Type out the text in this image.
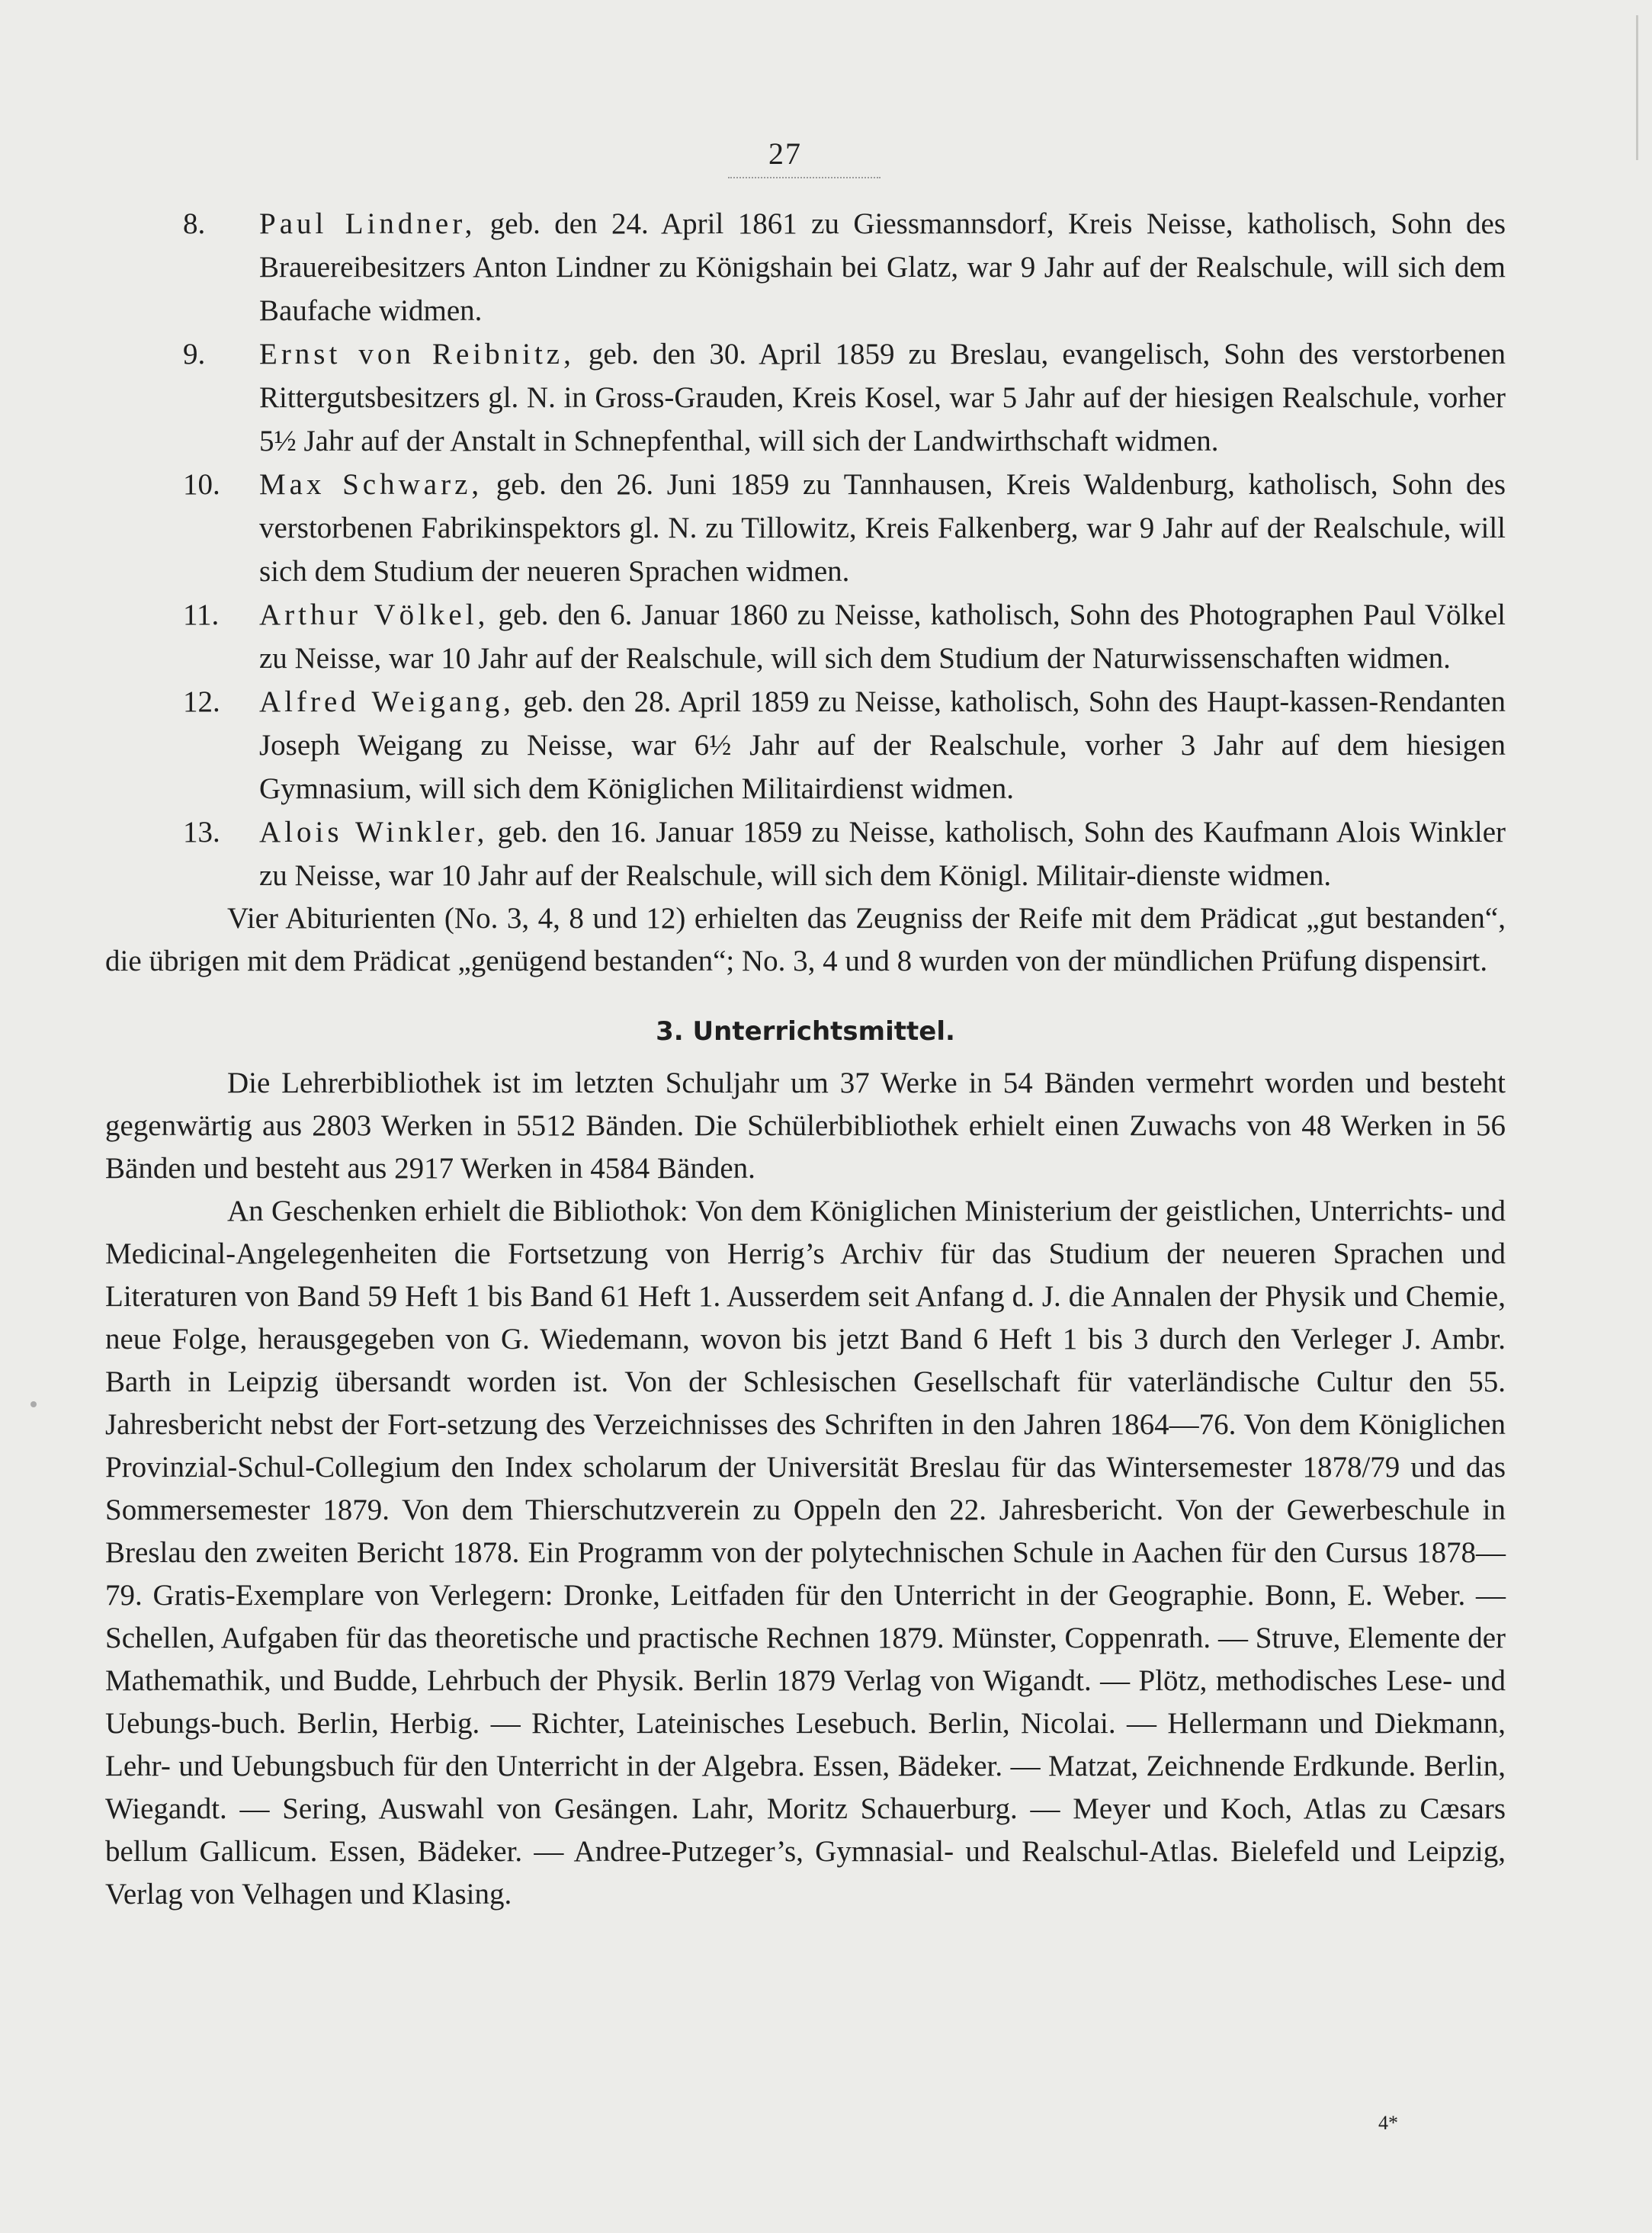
27
8.	Paul Lindner, geb. den 24. April 1861 zu Giessmannsdorf, Kreis Neisse, katholisch, Sohn des Brauereibesitzers Anton Lindner zu Königshain bei Glatz, war 9 Jahr auf der Realschule, will sich dem Baufache widmen.
9.	Ernst von Reibnitz, geb. den 30. April 1859 zu Breslau, evangelisch, Sohn des verstorbenen Rittergutsbesitzers gl. N. in Gross-Grauden, Kreis Kosel, war 5 Jahr auf der hiesigen Realschule, vorher 5½ Jahr auf der Anstalt in Schnepfenthal, will sich der Landwirthschaft widmen.
10.	Max Schwarz, geb. den 26. Juni 1859 zu Tannhausen, Kreis Waldenburg, katholisch, Sohn des verstorbenen Fabrikinspektors gl. N. zu Tillowitz, Kreis Falkenberg, war 9 Jahr auf der Realschule, will sich dem Studium der neueren Sprachen widmen.
11.	Arthur Völkel, geb. den 6. Januar 1860 zu Neisse, katholisch, Sohn des Photographen Paul Völkel zu Neisse, war 10 Jahr auf der Realschule, will sich dem Studium der Naturwissenschaften widmen.
12.	Alfred Weigang, geb. den 28. April 1859 zu Neisse, katholisch, Sohn des Haupt-kassen-Rendanten Joseph Weigang zu Neisse, war 6½ Jahr auf der Realschule, vorher 3 Jahr auf dem hiesigen Gymnasium, will sich dem Königlichen Militairdienst widmen.
13.	Alois Winkler, geb. den 16. Januar 1859 zu Neisse, katholisch, Sohn des Kaufmann Alois Winkler zu Neisse, war 10 Jahr auf der Realschule, will sich dem Königl. Militair-dienste widmen.
Vier Abiturienten (No. 3, 4, 8 und 12) erhielten das Zeugniss der Reife mit dem Prädicat „gut bestanden“, die übrigen mit dem Prädicat „genügend bestanden“; No. 3, 4 und 8 wurden von der mündlichen Prüfung dispensirt.
3. Unterrichtsmittel.
Die Lehrerbibliothek ist im letzten Schuljahr um 37 Werke in 54 Bänden vermehrt worden und besteht gegenwärtig aus 2803 Werken in 5512 Bänden. Die Schülerbibliothek erhielt einen Zuwachs von 48 Werken in 56 Bänden und besteht aus 2917 Werken in 4584 Bänden.
An Geschenken erhielt die Bibliothok: Von dem Königlichen Ministerium der geistlichen, Unterrichts- und Medicinal-Angelegenheiten die Fortsetzung von Herrig’s Archiv für das Studium der neueren Sprachen und Literaturen von Band 59 Heft 1 bis Band 61 Heft 1. Ausserdem seit Anfang d. J. die Annalen der Physik und Chemie, neue Folge, herausgegeben von G. Wiedemann, wovon bis jetzt Band 6 Heft 1 bis 3 durch den Verleger J. Ambr. Barth in Leipzig übersandt worden ist. Von der Schlesischen Gesellschaft für vaterländische Cultur den 55. Jahresbericht nebst der Fort-setzung des Verzeichnisses des Schriften in den Jahren 1864—76. Von dem Königlichen Provinzial-Schul-Collegium den Index scholarum der Universität Breslau für das Wintersemester 1878/79 und das Sommersemester 1879. Von dem Thierschutzverein zu Oppeln den 22. Jahresbericht. Von der Gewerbeschule in Breslau den zweiten Bericht 1878. Ein Programm von der polytechnischen Schule in Aachen für den Cursus 1878—79. Gratis-Exemplare von Verlegern: Dronke, Leitfaden für den Unterricht in der Geographie. Bonn, E. Weber. — Schellen, Aufgaben für das theoretische und practische Rechnen 1879. Münster, Coppenrath. — Struve, Elemente der Mathemathik, und Budde, Lehrbuch der Physik. Berlin 1879 Verlag von Wigandt. — Plötz, methodisches Lese- und Uebungs-buch. Berlin, Herbig. — Richter, Lateinisches Lesebuch. Berlin, Nicolai. — Hellermann und Diekmann, Lehr- und Uebungsbuch für den Unterricht in der Algebra. Essen, Bädeker. — Matzat, Zeichnende Erdkunde. Berlin, Wiegandt. — Sering, Auswahl von Gesängen. Lahr, Moritz Schauerburg. — Meyer und Koch, Atlas zu Cæsars bellum Gallicum. Essen, Bädeker. — Andree-Putzeger’s, Gymnasial- und Realschul-Atlas. Bielefeld und Leipzig, Verlag von Velhagen und Klasing.
4*
